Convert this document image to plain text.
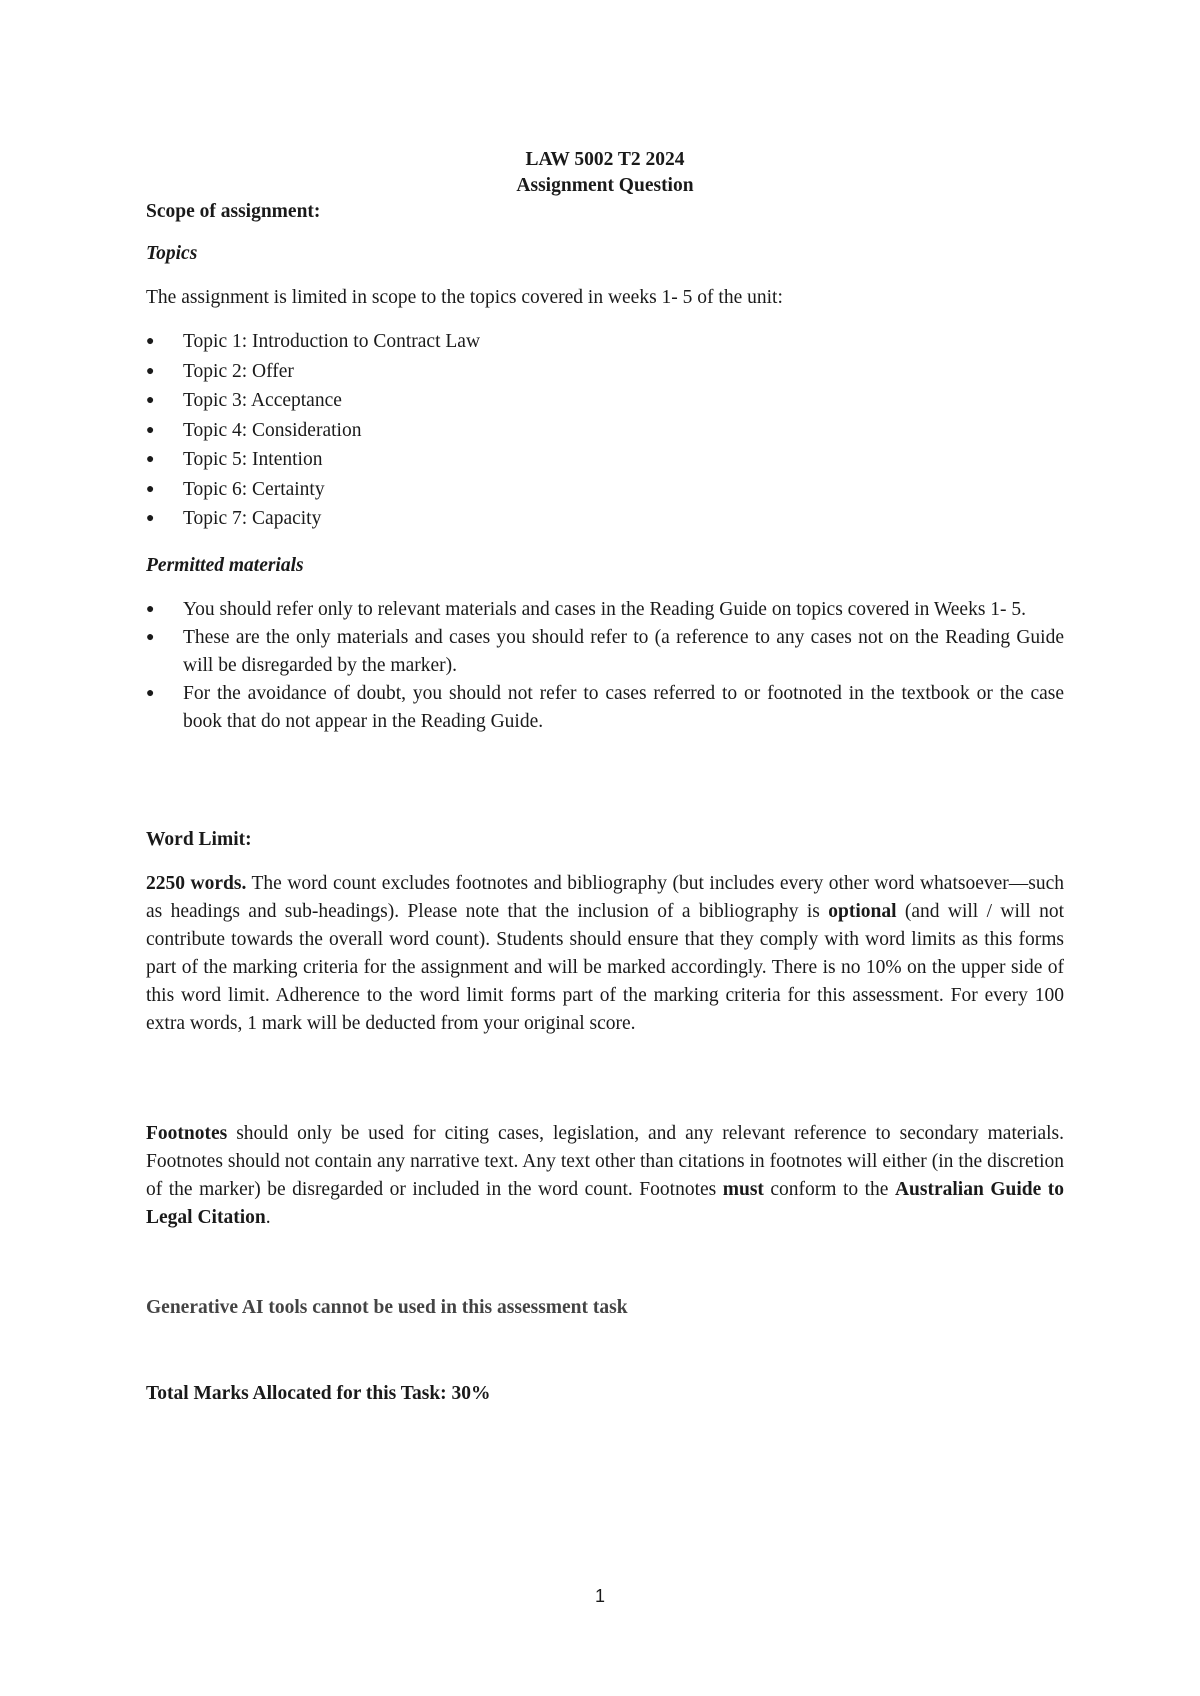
LAW 5002 T2 2024
Assignment Question
Scope of assignment:
Topics
The assignment is limited in scope to the topics covered in weeks 1- 5 of the unit:
● Topic 1: Introduction to Contract Law
● Topic 2: Offer
● Topic 3: Acceptance
● Topic 4: Consideration
● Topic 5: Intention
● Topic 6: Certainty
● Topic 7: Capacity
Permitted materials
● You should refer only to relevant materials and cases in the Reading Guide on topics covered in Weeks 1- 5.
● These are the only materials and cases you should refer to (a reference to any cases not on the Reading Guide will be disregarded by the marker).
● For the avoidance of doubt, you should not refer to cases referred to or footnoted in the textbook or the case book that do not appear in the Reading Guide.
Word Limit:

2250 words. The word count excludes footnotes and bibliography (but includes every other word whatsoever—such as headings and sub-headings). Please note that the inclusion of a bibliography is optional (and will / will not contribute towards the overall word count). Students should ensure that they comply with word limits as this forms part of the marking criteria for the assignment and will be marked accordingly. There is no 10% on the upper side of this word limit. Adherence to the word limit forms part of the marking criteria for this assessment. For every 100 extra words, 1 mark will be deducted from your original score.

Footnotes should only be used for citing cases, legislation, and any relevant reference to secondary materials. Footnotes should not contain any narrative text. Any text other than citations in footnotes will either (in the discretion of the marker) be disregarded or included in the word count. Footnotes must conform to the Australian Guide to Legal Citation.

Generative AI tools cannot be used in this assessment task
Total Marks Allocated for this Task: 30%
1
